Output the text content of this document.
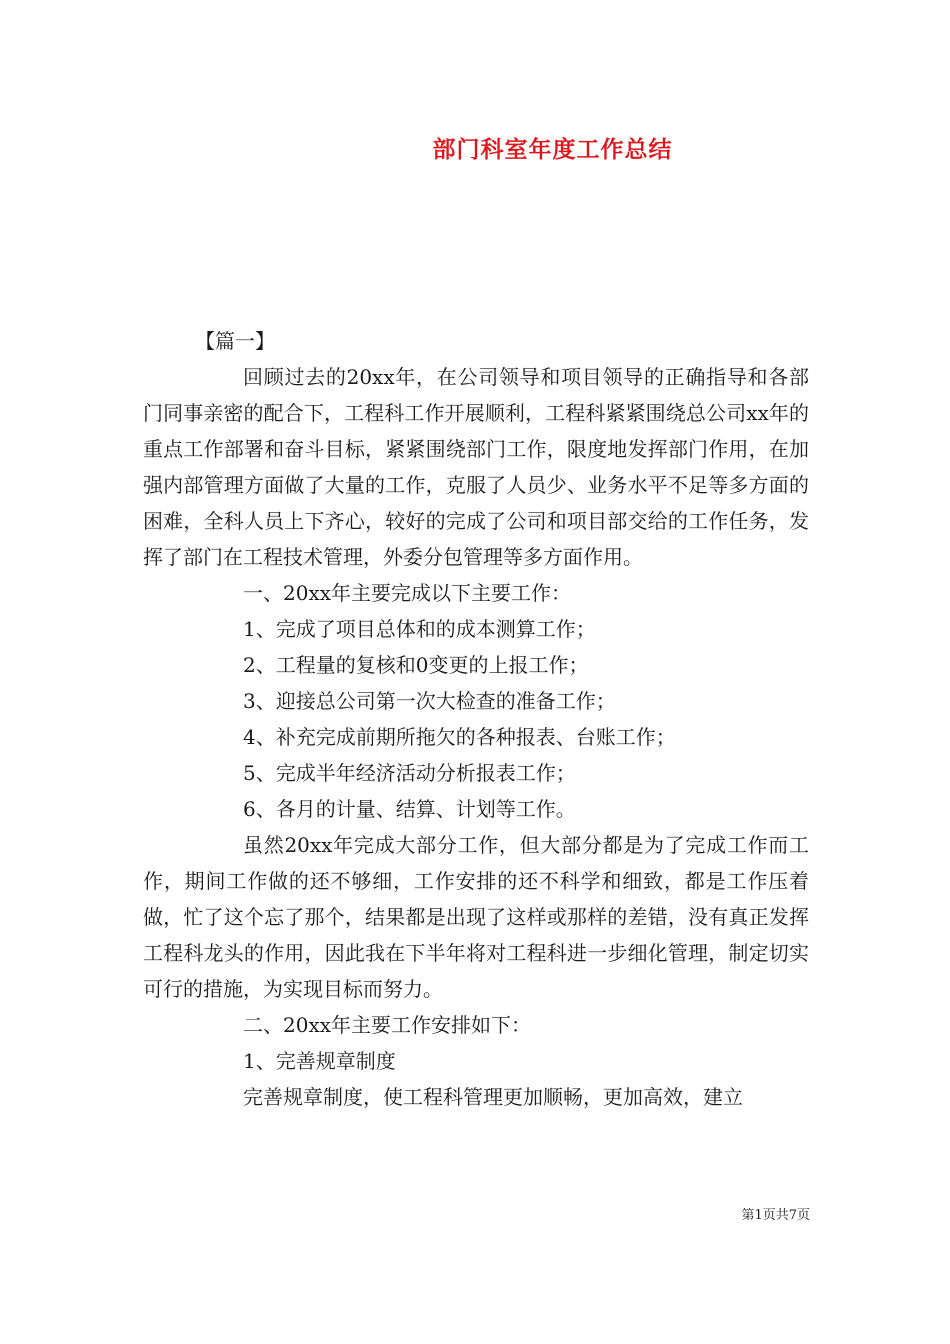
部门科室年度工作总结

【篇一】

回顾过去的20xx年，在公司领导和项目领导的正确指导和各部门同事亲密的配合下，工程科工作开展顺利，工程科紧紧围绕总公司xx年的重点工作部署和奋斗目标，紧紧围绕部门工作，限度地发挥部门作用，在加强内部管理方面做了大量的工作，克服了人员少、业务水平不足等多方面的困难，全科人员上下齐心，较好的完成了公司和项目部交给的工作任务，发挥了部门在工程技术管理，外委分包管理等多方面作用。

一、20xx年主要完成以下主要工作：

1、完成了项目总体和的成本测算工作；

2、工程量的复核和0变更的上报工作；

3、迎接总公司第一次大检查的准备工作；

4、补充完成前期所拖欠的各种报表、台账工作；

5、完成半年经济活动分析报表工作；

6、各月的计量、结算、计划等工作。

虽然20xx年完成大部分工作，但大部分都是为了完成工作而工作，期间工作做的还不够细，工作安排的还不科学和细致，都是工作压着做，忙了这个忘了那个，结果都是出现了这样或那样的差错，没有真正发挥工程科龙头的作用，因此我在下半年将对工程科进一步细化管理，制定切实可行的措施，为实现目标而努力。

二、20xx年主要工作安排如下：

1、完善规章制度

完善规章制度，使工程科管理更加顺畅，更加高效，建立

第1页共7页
